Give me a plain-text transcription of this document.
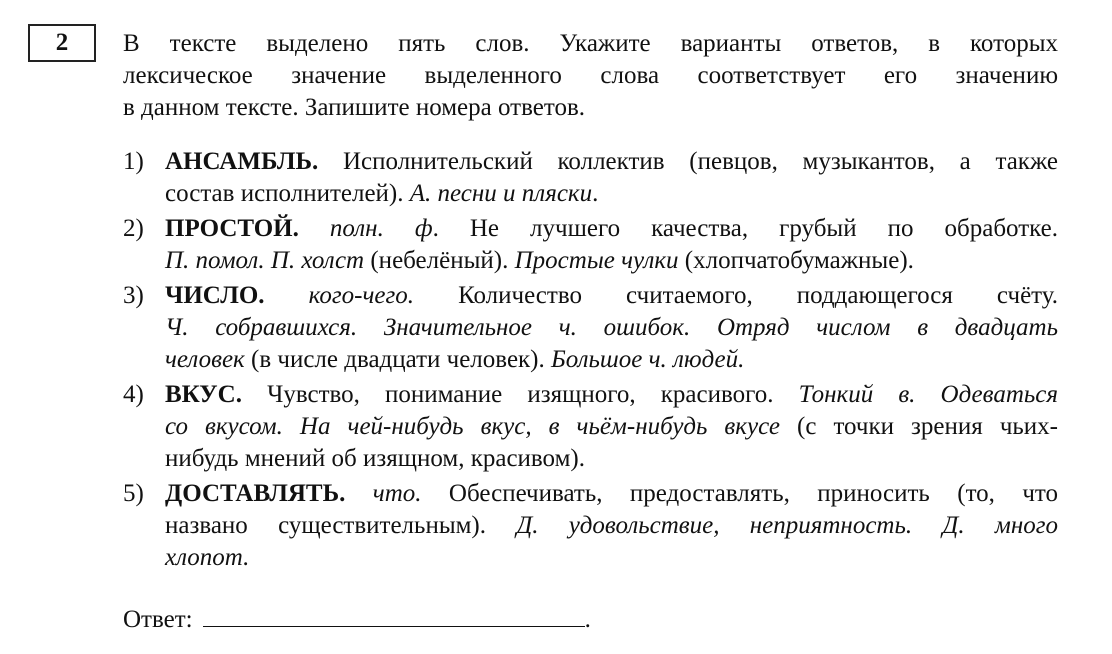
2	В тексте выделено пять слов. Укажите варианты ответов, в которых
лексическое значение выделенного слова соответствует его значению
в данном тексте. Запишите номера ответов.

1) АНСАМБЛЬ. Исполнительский коллектив (певцов, музыкантов, а также
состав исполнителей). А. песни и пляски.
2) ПРОСТОЙ. полн. ф. Не лучшего качества, грубый по обработке.
П. помол. П. холст (небелёный). Простые чулки (хлопчатобумажные).
3) ЧИСЛО. кого-чего. Количество считаемого, поддающегося счёту.
Ч. собравшихся. Значительное ч. ошибок. Отряд числом в двадцать
человек (в числе двадцати человек). Большое ч. людей.
4) ВКУС. Чувство, понимание изящного, красивого. Тонкий в. Одеваться
со вкусом. На чей-нибудь вкус, в чьём-нибудь вкусе (с точки зрения чьих-
нибудь мнений об изящном, красивом).
5) ДОСТАВЛЯТЬ. что. Обеспечивать, предоставлять, приносить (то, что
названо существительным). Д. удовольствие, неприятность. Д. много
хлопот.
Ответ:	.
